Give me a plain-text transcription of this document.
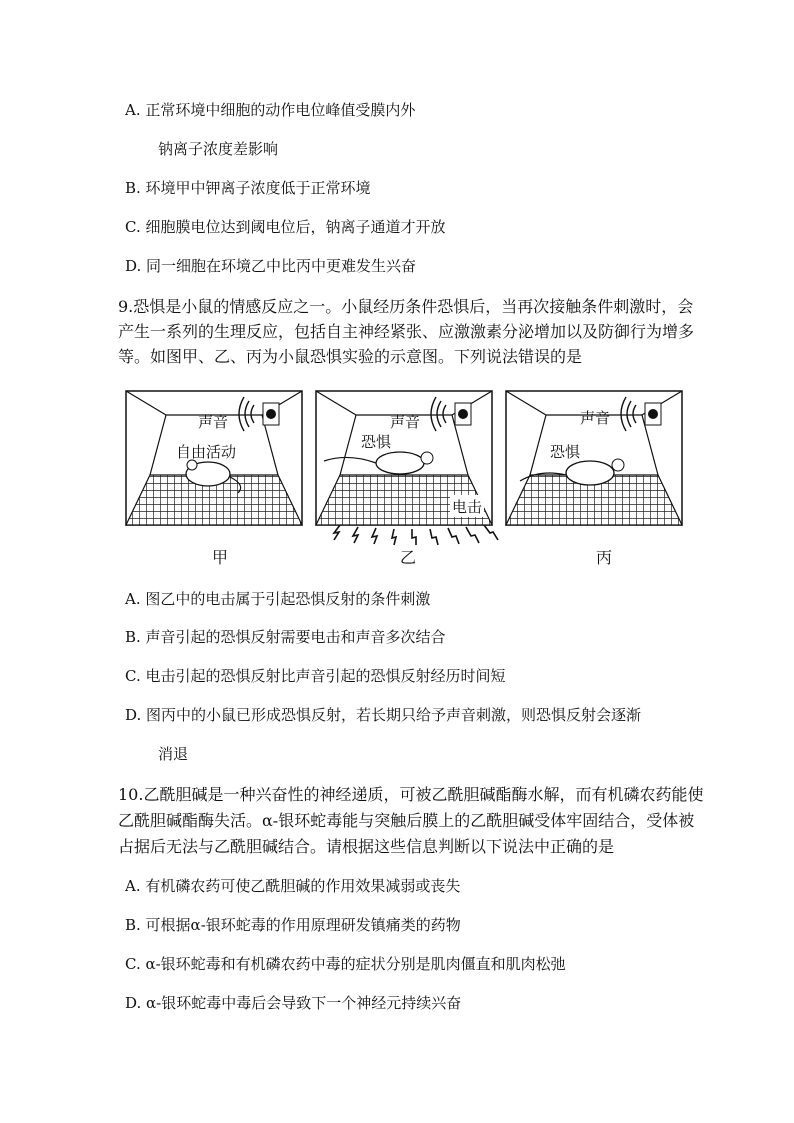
A. 正常环境中细胞的动作电位峰值受膜内外
钠离子浓度差影响
B. 环境甲中钾离子浓度低于正常环境
C. 细胞膜电位达到阈电位后，钠离子通道才开放
D. 同一细胞在环境乙中比丙中更难发生兴奋
9.恐惧是小鼠的情感反应之一。小鼠经历条件恐惧后，当再次接触条件刺激时，会
产生一系列的生理反应，包括自主神经紧张、应激激素分泌增加以及防御行为增多
等。如图甲、乙、丙为小鼠恐惧实验的示意图。下列说法错误的是
声音
自由活动
声音
恐惧
电击
声音
恐惧
甲	乙	丙
A. 图乙中的电击属于引起恐惧反射的条件刺激
B. 声音引起的恐惧反射需要电击和声音多次结合
C. 电击引起的恐惧反射比声音引起的恐惧反射经历时间短
D. 图丙中的小鼠已形成恐惧反射，若长期只给予声音刺激，则恐惧反射会逐渐
消退
10.乙酰胆碱是一种兴奋性的神经递质，可被乙酰胆碱酯酶水解，而有机磷农药能使
乙酰胆碱酯酶失活。α-银环蛇毒能与突触后膜上的乙酰胆碱受体牢固结合，受体被
占据后无法与乙酰胆碱结合。请根据这些信息判断以下说法中正确的是
A. 有机磷农药可使乙酰胆碱的作用效果减弱或丧失
B. 可根据α-银环蛇毒的作用原理研发镇痛类的药物
C. α-银环蛇毒和有机磷农药中毒的症状分别是肌肉僵直和肌肉松弛
D. α-银环蛇毒中毒后会导致下一个神经元持续兴奋
